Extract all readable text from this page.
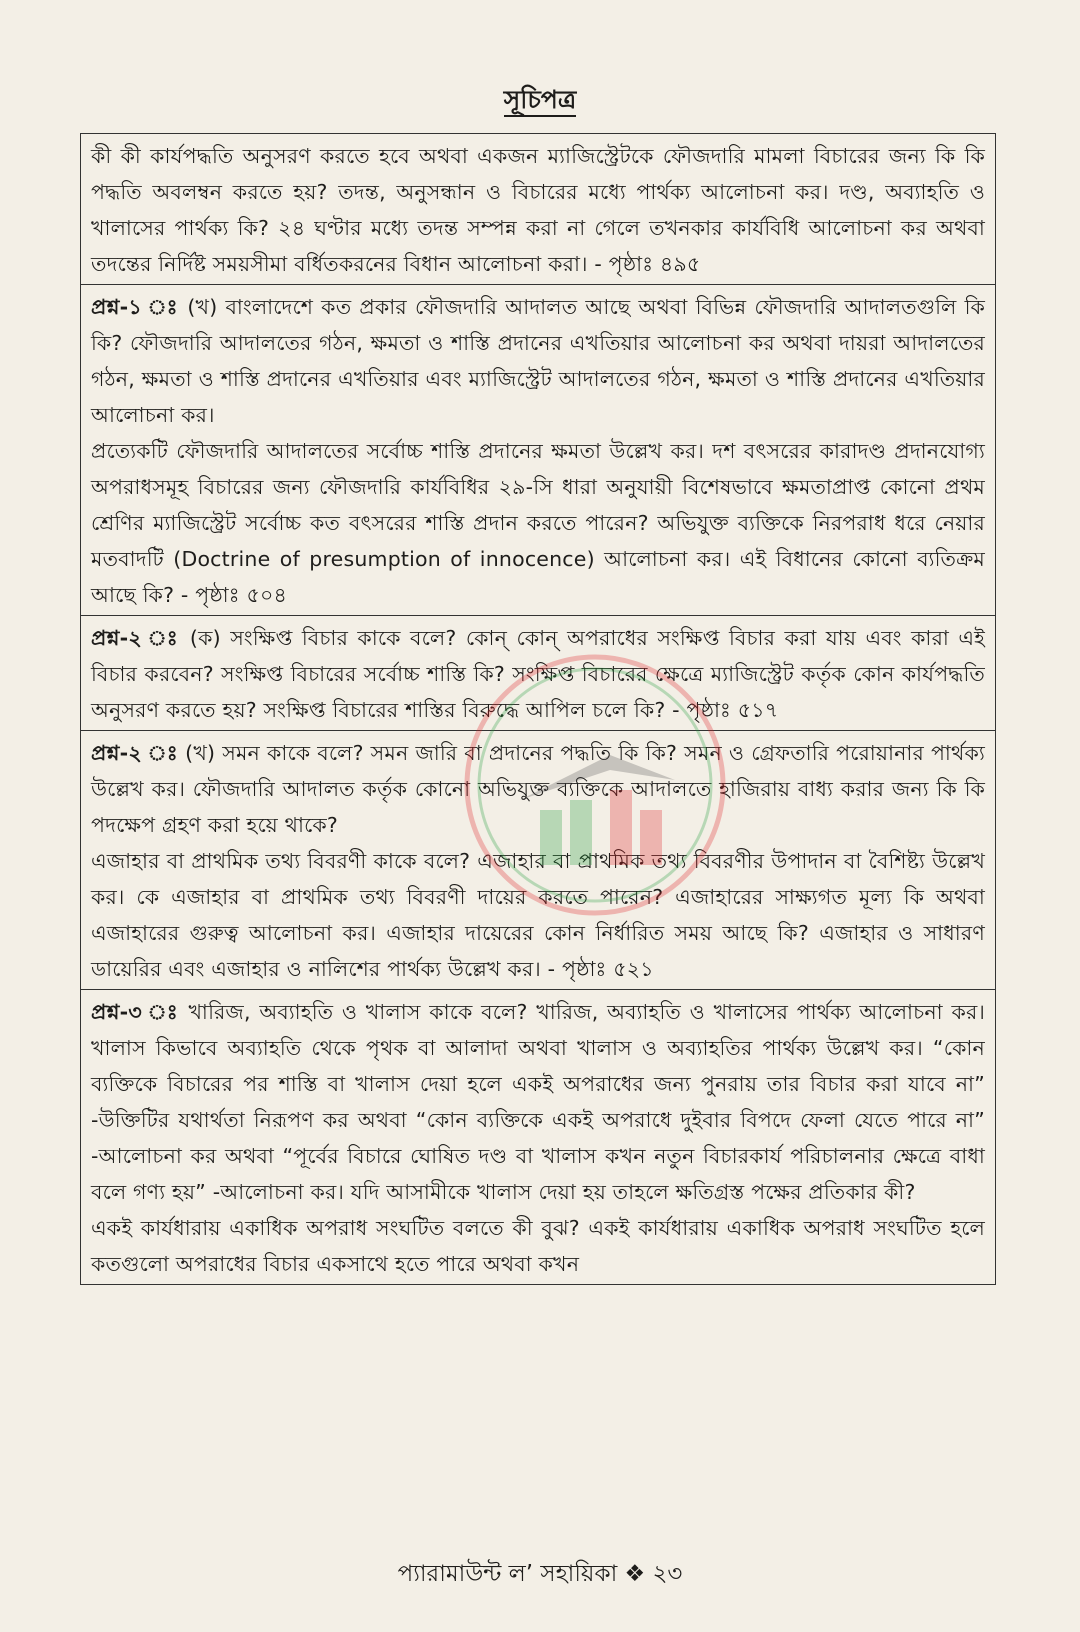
সূচিপত্র

কী কী কার্যপদ্ধতি অনুসরণ করতে হবে অথবা একজন ম্যাজিস্ট্রেটকে ফৌজদারি মামলা বিচারের জন্য কি কি পদ্ধতি অবলম্বন করতে হয়? তদন্ত, অনুসন্ধান ও বিচারের মধ্যে পার্থক্য আলোচনা কর। দণ্ড, অব্যাহতি ও খালাসের পার্থক্য কি? ২৪ ঘণ্টার মধ্যে তদন্ত সম্পন্ন করা না গেলে তখনকার কার্যবিধি আলোচনা কর অথবা তদন্তের নির্দিষ্ট সময়সীমা বর্ধিতকরনের বিধান আলোচনা করা। - পৃষ্ঠাঃ ৪৯৫

প্রশ্ন-১ ঃ (খ) বাংলাদেশে কত প্রকার ফৌজদারি আদালত আছে অথবা বিভিন্ন ফৌজদারি আদালতগুলি কি কি? ফৌজদারি আদালতের গঠন, ক্ষমতা ও শাস্তি প্রদানের এখতিয়ার আলোচনা কর অথবা দায়রা আদালতের গঠন, ক্ষমতা ও শাস্তি প্রদানের এখতিয়ার এবং ম্যাজিস্ট্রেট আদালতের গঠন, ক্ষমতা ও শাস্তি প্রদানের এখতিয়ার আলোচনা কর।

প্রত্যেকটি ফৌজদারি আদালতের সর্বোচ্চ শাস্তি প্রদানের ক্ষমতা উল্লেখ কর। দশ বৎসরের কারাদণ্ড প্রদানযোগ্য অপরাধসমূহ বিচারের জন্য ফৌজদারি কার্যবিধির ২৯-সি ধারা অনুযায়ী বিশেষভাবে ক্ষমতাপ্রাপ্ত কোনো প্রথম শ্রেণির ম্যাজিস্ট্রেট সর্বোচ্চ কত বৎসরের শাস্তি প্রদান করতে পারেন? অভিযুক্ত ব্যক্তিকে নিরপরাধ ধরে নেয়ার মতবাদটি (Doctrine of presumption of innocence) আলোচনা কর। এই বিধানের কোনো ব্যতিক্রম আছে কি? - পৃষ্ঠাঃ ৫০৪

প্রশ্ন-২ ঃ (ক) সংক্ষিপ্ত বিচার কাকে বলে? কোন্ কোন্ অপরাধের সংক্ষিপ্ত বিচার করা যায় এবং কারা এই বিচার করবেন? সংক্ষিপ্ত বিচারের সর্বোচ্চ শাস্তি কি? সংক্ষিপ্ত বিচারের ক্ষেত্রে ম্যাজিস্ট্রেট কর্তৃক কোন কার্যপদ্ধতি অনুসরণ করতে হয়? সংক্ষিপ্ত বিচারের শাস্তির বিরুদ্ধে আপিল চলে কি? - পৃষ্ঠাঃ ৫১৭

প্রশ্ন-২ ঃ (খ) সমন কাকে বলে? সমন জারি বা প্রদানের পদ্ধতি কি কি? সমন ও গ্রেফতারি পরোয়ানার পার্থক্য উল্লেখ কর। ফৌজদারি আদালত কর্তৃক কোনো অভিযুক্ত ব্যক্তিকে আদালতে হাজিরায় বাধ্য করার জন্য কি কি পদক্ষেপ গ্রহণ করা হয়ে থাকে?

এজাহার বা প্রাথমিক তথ্য বিবরণী কাকে বলে? এজাহার বা প্রাথমিক তথ্য বিবরণীর উপাদান বা বৈশিষ্ট্য উল্লেখ কর। কে এজাহার বা প্রাথমিক তথ্য বিবরণী দায়ের করতে পারেন? এজাহারের সাক্ষ্যগত মূল্য কি অথবা এজাহারের গুরুত্ব আলোচনা কর। এজাহার দায়েরের কোন নির্ধারিত সময় আছে কি? এজাহার ও সাধারণ ডায়েরির এবং এজাহার ও নালিশের পার্থক্য উল্লেখ কর। - পৃষ্ঠাঃ ৫২১

প্রশ্ন-৩ ঃ খারিজ, অব্যাহতি ও খালাস কাকে বলে? খারিজ, অব্যাহতি ও খালাসের পার্থক্য আলোচনা কর। খালাস কিভাবে অব্যাহতি থেকে পৃথক বা আলাদা অথবা খালাস ও অব্যাহতির পার্থক্য উল্লেখ কর। “কোন ব্যক্তিকে বিচারের পর শাস্তি বা খালাস দেয়া হলে একই অপরাধের জন্য পুনরায় তার বিচার করা যাবে না” -উক্তিটির যথার্থতা নিরূপণ কর অথবা “কোন ব্যক্তিকে একই অপরাধে দুইবার বিপদে ফেলা যেতে পারে না” -আলোচনা কর অথবা “পূর্বের বিচারে ঘোষিত দণ্ড বা খালাস কখন নতুন বিচারকার্য পরিচালনার ক্ষেত্রে বাধা বলে গণ্য হয়” -আলোচনা কর। যদি আসামীকে খালাস দেয়া হয় তাহলে ক্ষতিগ্রস্ত পক্ষের প্রতিকার কী?

একই কার্যধারায় একাধিক অপরাধ সংঘটিত বলতে কী বুঝ? একই কার্যধারায় একাধিক অপরাধ সংঘটিত হলে কতগুলো অপরাধের বিচার একসাথে হতে পারে অথবা কখন

প্যারামাউন্ট ল’ সহায়িকা ❖ ২৩
